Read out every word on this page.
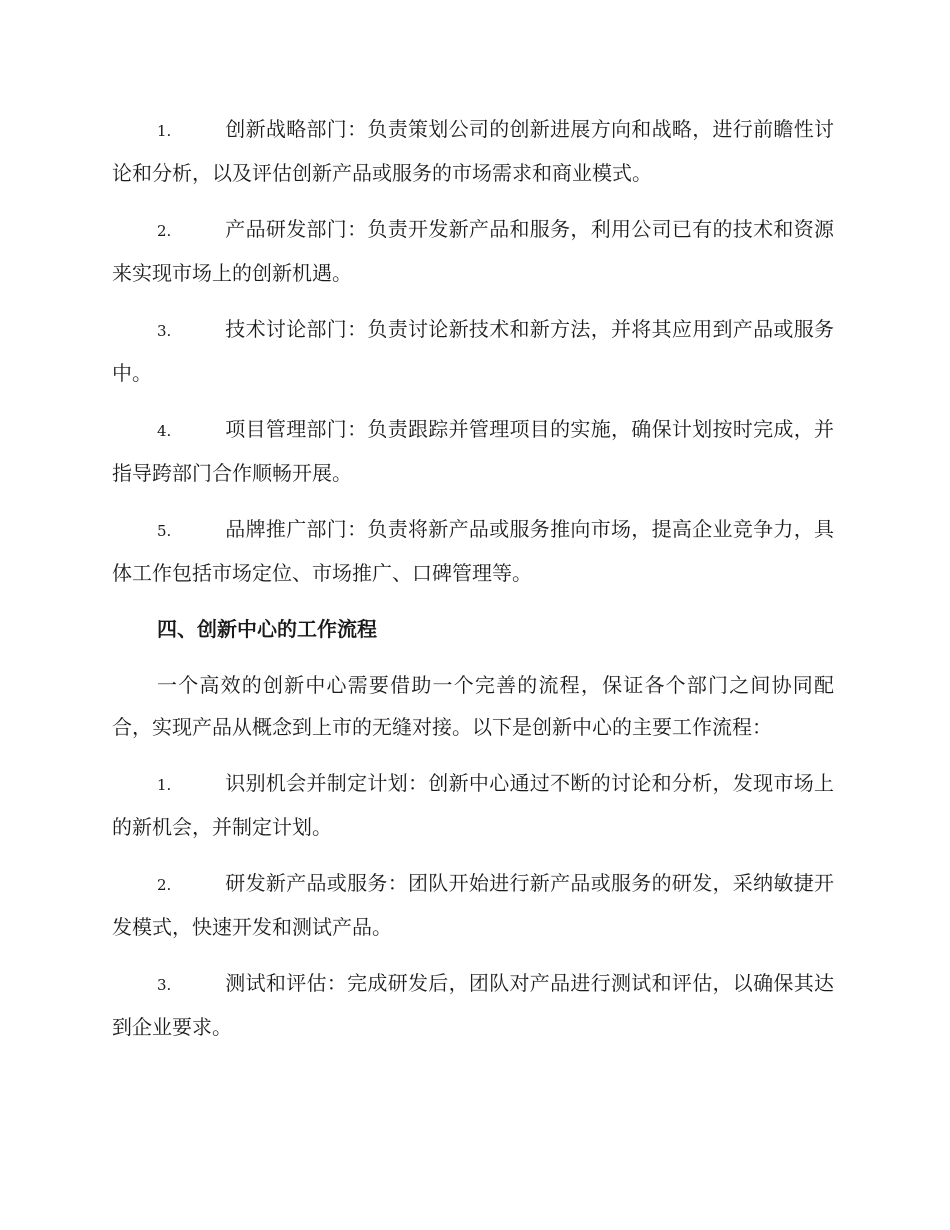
1.	创新战略部门：负责策划公司的创新进展方向和战略，进行前瞻性讨论和分析，以及评估创新产品或服务的市场需求和商业模式。

2.	产品研发部门：负责开发新产品和服务，利用公司已有的技术和资源来实现市场上的创新机遇。

3.	技术讨论部门：负责讨论新技术和新方法，并将其应用到产品或服务中。

4.	项目管理部门：负责跟踪并管理项目的实施，确保计划按时完成，并指导跨部门合作顺畅开展。

5.	品牌推广部门：负责将新产品或服务推向市场，提高企业竞争力，具体工作包括市场定位、市场推广、口碑管理等。

四、创新中心的工作流程

一个高效的创新中心需要借助一个完善的流程，保证各个部门之间协同配合，实现产品从概念到上市的无缝对接。以下是创新中心的主要工作流程：

1.	识别机会并制定计划：创新中心通过不断的讨论和分析，发现市场上的新机会，并制定计划。

2.	研发新产品或服务：团队开始进行新产品或服务的研发，采纳敏捷开发模式，快速开发和测试产品。

3.	测试和评估：完成研发后，团队对产品进行测试和评估，以确保其达到企业要求。
